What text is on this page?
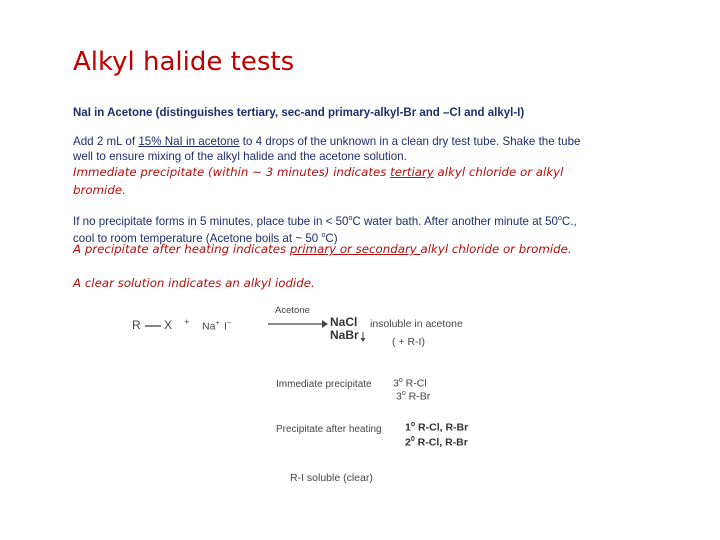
Alkyl halide tests
NaI in Acetone (distinguishes tertiary, sec-and primary-alkyl-Br and –Cl and alkyl-I)
Add 2 mL of 15% NaI in acetone to 4 drops of the unknown in a clean dry test tube. Shake the tube well to ensure mixing of the alkyl halide and the acetone solution.
Immediate precipitate (within ~ 3 minutes) indicates tertiary alkyl chloride or alkyl bromide.
If no precipitate forms in 5 minutes, place tube in < $50^oC$ water bath. After another minute at 50$^o$C., cool to room temperature (Acetone boils at ~ 50 $^o$C)
A precipitate after heating indicates primary or secondary alkyl chloride or bromide.
A clear solution indicates an alkyl iodide.
R X + Na+ I−
Acetone
→ NaCl
NaBr
insoluble in acetone
( + R-I)
Immediate precipitate 3$^o$ R-Cl
3$^o$ R-Br
Precipitate after heating 1$^o$ R-Cl, R-Br
$2^0$ R-Cl, R-Br
R-I soluble (clear)
